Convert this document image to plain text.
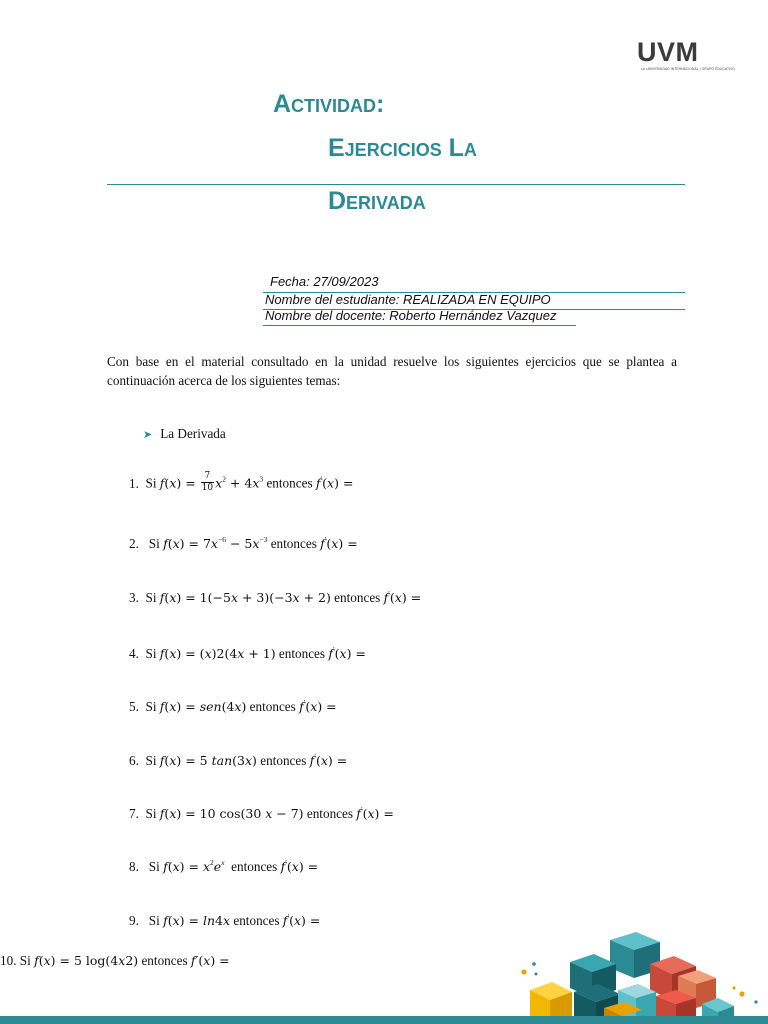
UVM
LA UNIVERSIDAD INTERNACIONAL | GRUPO EDUCATIVO
Actividad:
Ejercicios La
Derivada
Fecha: 27/09/2023
Nombre del estudiante: REALIZADA EN EQUIPO
Nombre del docente: Roberto Hernández Vazquez
Con base en el material consultado en la unidad resuelve los siguientes ejercicios que se plantea a continuación acerca de los siguientes temas:
➤ La Derivada
1. Si $f(x) = \frac{7}{10} x^2 + 4x^3$ entonces f′(x) =
2. Si $f(x) = 7x^{-6} - 5x^{-3}$ entonces f′(x) =
3. Si f(x) = 1(−5x + 3)(−3x + 2) entonces f′(x) =
4. Si f(x) = (x)2(4x + 1) entonces f′(x) =
5. Si f(x) = sen(4x) entonces f′(x) =
6. Si f(x) = 5 tan(3x) entonces f′(x) =
7. Si f(x) = 10 cos(30 x − 7) entonces f′(x) =
8. Si $f(x) = x^2e^x$ entonces f′(x) =
9. Si f(x) = ln4x entonces f′(x) =
10. Si f(x) = 5 log(4x2) entonces f′(x) =
